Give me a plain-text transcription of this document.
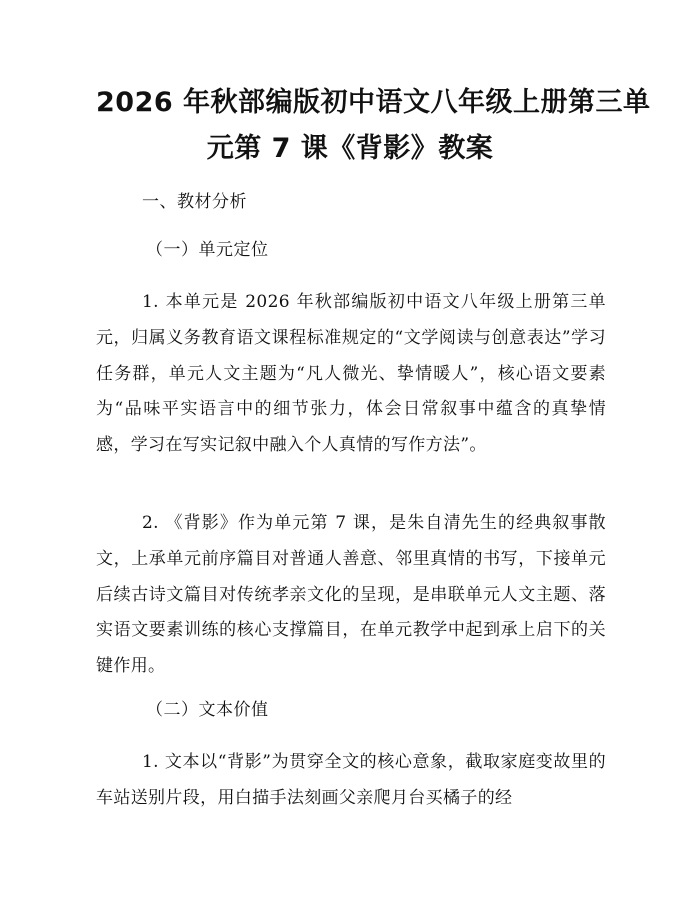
2026 年秋部编版初中语文八年级上册第三单
元第 7 课《背影》教案

一、教材分析

（一）单元定位

1. 本单元是 2026 年秋部编版初中语文八年级上册第三单元，归属义务教育语文课程标准规定的“文学阅读与创意表达”学习任务群，单元人文主题为“凡人微光、挚情暖人”，核心语文要素为“品味平实语言中的细节张力，体会日常叙事中蕴含的真挚情感，学习在写实记叙中融入个人真情的写作方法”。

2. 《背影》作为单元第 7 课，是朱自清先生的经典叙事散文，上承单元前序篇目对普通人善意、邻里真情的书写，下接单元后续古诗文篇目对传统孝亲文化的呈现，是串联单元人文主题、落实语文要素训练的核心支撑篇目，在单元教学中起到承上启下的关键作用。

（二）文本价值

1. 文本以“背影”为贯穿全文的核心意象，截取家庭变故里的车站送别片段，用白描手法刻画父亲爬月台买橘子的经
